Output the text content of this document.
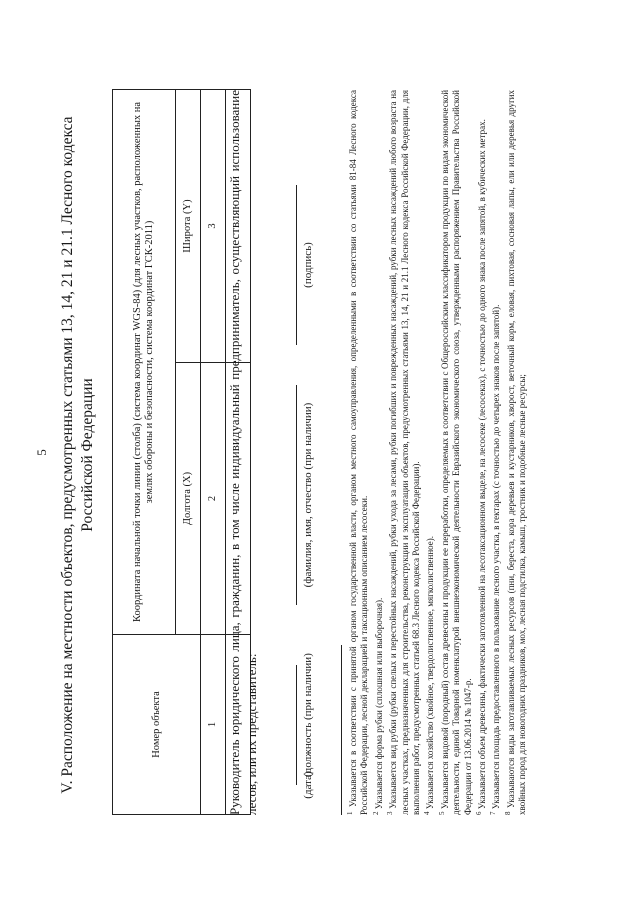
5 V. Расположение на местности объектов, предусмотренных статьями 13, 14, 21 и 21.1 Лесного кодекса Российской Федерации
Номер объекта	Координата начальной точки линии (столба) (система координат WGS-84) (для лесных участков, расположенных на землях обороны и безопасности, система координат ГСК-2011)	
	Долгота (X)	Широта (Y)
1	2	3
		Руководитель юридического лица, гражданин, в том числе индивидуальный предприниматель, осуществляющий использование лесов, или их представитель:	(дата)
(должность (при наличии)
(фамилия, имя, отчество (при наличии)
(подпись)

$^1$ Указывается в соответствии с принятой органом государственной власти, органом местного самоуправления, определенными в соответствии со статьями 81-84 Лесного кодекса Российской Федерации, лесной декларацией и таксационным описанием лесосеки. $^2$ Указывается форма рубки (сплошная или выборочная).

$^3$ Указывается вид рубки (рубки спелых и перестойных насаждений, рубки ухода за лесами, рубки погибших и поврежденных насаждений, рубки лесных насаждений любого возраста на лесных участках, предназначенных для строительства, реконструкции и эксплуатации объектов, предусмотренных статьями 13, 14, 21 и 21.1 Лесного кодекса Российской Федерации, для выполнения работ, предусмотренных статьей 68.3 Лесного кодекса Российской Федерации). $^4$ Указывается хозяйство (хвойное, твердолиственное, мягколиственное).

$^5$ Указывается видовой (породный) состав древесины и продукции ее переработки, определяемых в соответствии с Общероссийским классификатором продукции по видам экономической деятельности, единой Товарной номенклатурой внешнеэкономической деятельности Евразийского экономического союза, утвержденными распоряжением Правительства Российской Федерации от 13.06.2014 № 1047-р. $^6$ Указывается объем древесины, фактически заготовленной на лесотаксационном выделе, на лесосеке (лесосеках), с точностью до одного знака после запятой, в кубических метрах.

$^7$ Указывается площадь предоставленного в пользование лесного участка, в гектарах (с точностью до четырех знаков после запятой).

$^8$ Указываются виды заготавливаемых лесных ресурсов (пни, береста, кора деревьев и кустарников, хворост, веточный корм, еловая, пихтовая, сосновая лапы, ели или деревья других хвойных пород для новогодних праздников, мох, лесная подстилка, камыш, тростник и подобные лесные ресурсы;
